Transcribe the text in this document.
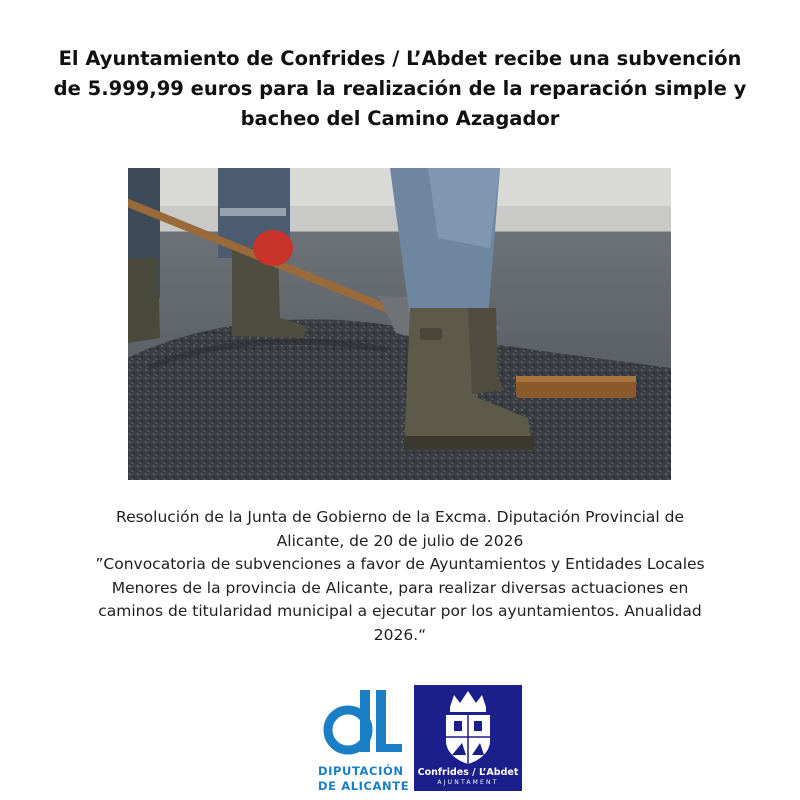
El Ayuntamiento de Confrides / L’Abdet recibe una subvención
de 5.999,99 euros para la realización de la reparación simple y
bacheo del Camino Azagador
Resolución de la Junta de Gobierno de la Excma. Diputación Provincial de
Alicante, de 20 de julio de 2026
”Convocatoria de subvenciones a favor de Ayuntamientos y Entidades Locales
Menores de la provincia de Alicante, para realizar diversas actuaciones en
caminos de titularidad municipal a ejecutar por los ayuntamientos. Anualidad
2026.“
DIPUTACIÓN
DE ALICANTE
Confrides / L’Abdet
AJUNTAMENT
